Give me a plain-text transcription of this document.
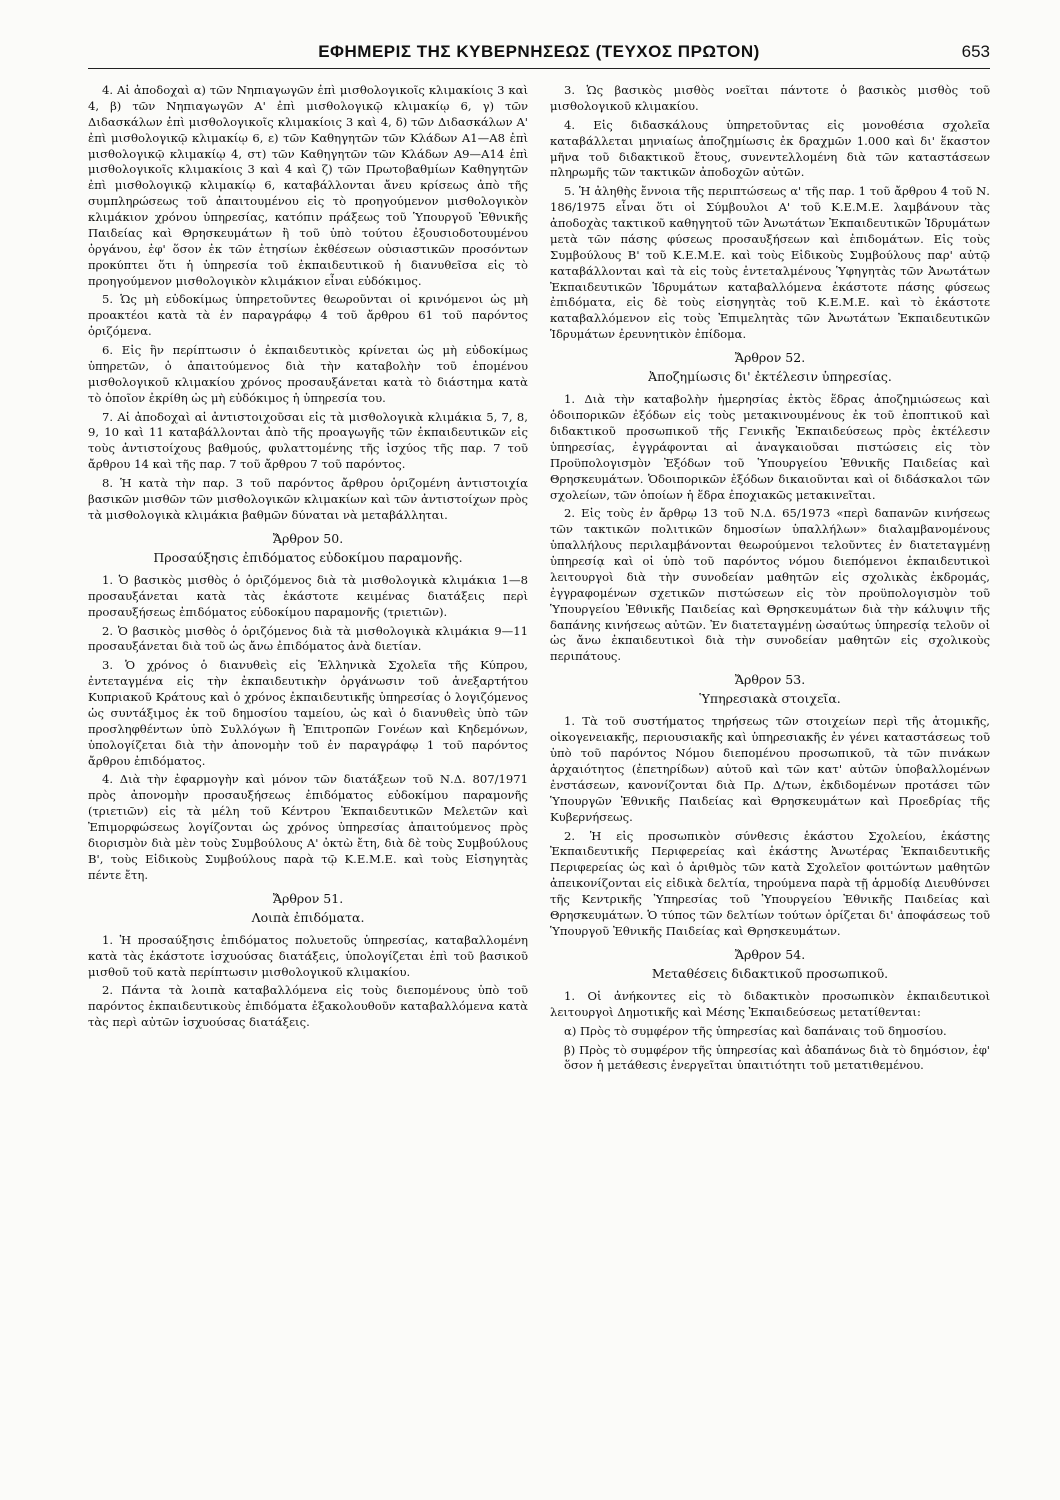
ΕΦΗΜΕΡΙΣ ΤΗΣ ΚΥΒΕΡΝΗΣΕΩΣ (ΤΕΥΧΟΣ ΠΡΩΤΟΝ)	653

4. Αἱ ἀποδοχαὶ α) τῶν Νηπιαγωγῶν ἐπὶ μισθολογικοῖς κλιμακίοις 3 καὶ 4, β) τῶν Νηπιαγωγῶν Α' ἐπὶ μισθολογικῷ κλιμακίῳ 6, γ) τῶν Διδασκάλων ἐπὶ μισθολογικοῖς κλιμακίοις 3 καὶ 4, δ) τῶν Διδασκάλων Α' ἐπὶ μισθολογικῷ κλιμακίῳ 6, ε) τῶν Καθηγητῶν τῶν Κλάδων Α1—Α8 ἐπὶ μισθολογικῷ κλιμακίῳ 4, στ) τῶν Καθηγητῶν τῶν Κλάδων Α9—Α14 ἐπὶ μισθολογικοῖς κλιμακίοις 3 καὶ 4 καὶ ζ) τῶν Πρωτοβαθμίων Καθηγητῶν ἐπὶ μισθολογικῷ κλιμακίῳ 6, καταβάλλονται ἄνευ κρίσεως ἀπὸ τῆς συμπληρώσεως τοῦ ἀπαιτουμένου εἰς τὸ προηγούμενον μισθολογικὸν κλιμάκιον χρόνου ὑπηρεσίας, κατόπιν πράξεως τοῦ Ὑπουργοῦ Ἐθνικῆς Παιδείας καὶ Θρησκευμάτων ἢ τοῦ ὑπὸ τούτου ἐξουσιοδοτουμένου ὀργάνου, ἐφ' ὅσον ἐκ τῶν ἐτησίων ἐκθέσεων οὐσιαστικῶν προσόντων προκύπτει ὅτι ἡ ὑπηρεσία τοῦ ἐκπαιδευτικοῦ ἡ διανυθεῖσα εἰς τὸ προηγούμενον μισθολογικὸν κλιμάκιον εἶναι εὐδόκιμος.

5. Ὡς μὴ εὐδοκίμως ὑπηρετοῦντες θεωροῦνται οἱ κρινόμενοι ὡς μὴ προακτέοι κατὰ τὰ ἐν παραγράφῳ 4 τοῦ ἄρθρου 61 τοῦ παρόντος ὁριζόμενα.

6. Εἰς ἣν περίπτωσιν ὁ ἐκπαιδευτικὸς κρίνεται ὡς μὴ εὐδοκίμως ὑπηρετῶν, ὁ ἀπαιτούμενος διὰ τὴν καταβολὴν τοῦ ἑπομένου μισθολογικοῦ κλιμακίου χρόνος προσαυξάνεται κατὰ τὸ διάστημα κατὰ τὸ ὁποῖον ἐκρίθη ὡς μὴ εὐδόκιμος ἡ ὑπηρεσία του.

7. Αἱ ἀποδοχαὶ αἱ ἀντιστοιχοῦσαι εἰς τὰ μισθολογικὰ κλιμάκια 5, 7, 8, 9, 10 καὶ 11 καταβάλλονται ἀπὸ τῆς προαγωγῆς τῶν ἐκπαιδευτικῶν εἰς τοὺς ἀντιστοίχους βαθμούς, φυλαττομένης τῆς ἰσχύος τῆς παρ. 7 τοῦ ἄρθρου 14 καὶ τῆς παρ. 7 τοῦ ἄρθρου 7 τοῦ παρόντος.

8. Ἡ κατὰ τὴν παρ. 3 τοῦ παρόντος ἄρθρου ὁριζομένη ἀντιστοιχία βασικῶν μισθῶν τῶν μισθολογικῶν κλιμακίων καὶ τῶν ἀντιστοίχων πρὸς τὰ μισθολογικὰ κλιμάκια βαθμῶν δύναται νὰ μεταβάλληται.

Ἄρθρον 50.
Προσαύξησις ἐπιδόματος εὐδοκίμου παραμονῆς.

1. Ὁ βασικὸς μισθὸς ὁ ὁριζόμενος διὰ τὰ μισθολογικὰ κλιμάκια 1—8 προσαυξάνεται κατὰ τὰς ἑκάστοτε κειμένας διατάξεις περὶ προσαυξήσεως ἐπιδόματος εὐδοκίμου παραμονῆς (τριετιῶν).

2. Ὁ βασικὸς μισθὸς ὁ ὁριζόμενος διὰ τὰ μισθολογικὰ κλιμάκια 9—11 προσαυξάνεται διὰ τοῦ ὡς ἄνω ἐπιδόματος ἀνὰ διετίαν.

3. Ὁ χρόνος ὁ διανυθεὶς εἰς Ἑλληνικὰ Σχολεῖα τῆς Κύπρου, ἐντεταγμένα εἰς τὴν ἐκπαιδευτικὴν ὀργάνωσιν τοῦ ἀνεξαρτήτου Κυπριακοῦ Κράτους καὶ ὁ χρόνος ἐκπαιδευτικῆς ὑπηρεσίας ὁ λογιζόμενος ὡς συντάξιμος ἐκ τοῦ δημοσίου ταμείου, ὡς καὶ ὁ διανυθεὶς ὑπὸ τῶν προσληφθέντων ὑπὸ Συλλόγων ἢ Ἐπιτροπῶν Γονέων καὶ Κηδεμόνων, ὑπολογίζεται διὰ τὴν ἀπονομὴν τοῦ ἐν παραγράφῳ 1 τοῦ παρόντος ἄρθρου ἐπιδόματος.

4. Διὰ τὴν ἐφαρμογὴν καὶ μόνον τῶν διατάξεων τοῦ Ν.Δ. 807/1971 πρὸς ἀπονομὴν προσαυξήσεως ἐπιδόματος εὐδοκίμου παραμονῆς (τριετιῶν) εἰς τὰ μέλη τοῦ Κέντρου Ἐκπαιδευτικῶν Μελετῶν καὶ Ἐπιμορφώσεως λογίζονται ὡς χρόνος ὑπηρεσίας ἀπαιτούμενος πρὸς διορισμὸν διὰ μὲν τοὺς Συμβούλους Α' ὀκτὼ ἔτη, διὰ δὲ τοὺς Συμβούλους Β', τοὺς Εἰδικοὺς Συμβούλους παρὰ τῷ Κ.Ε.Μ.Ε. καὶ τοὺς Εἰσηγητὰς πέντε ἔτη.

Ἄρθρον 51.
Λοιπὰ ἐπιδόματα.

1. Ἡ προσαύξησις ἐπιδόματος πολυετοῦς ὑπηρεσίας, καταβαλλομένη κατὰ τὰς ἑκάστοτε ἰσχυούσας διατάξεις, ὑπολογίζεται ἐπὶ τοῦ βασικοῦ μισθοῦ τοῦ κατὰ περίπτωσιν μισθολογικοῦ κλιμακίου.

2. Πάντα τὰ λοιπὰ καταβαλλόμενα εἰς τοὺς διεπομένους ὑπὸ τοῦ παρόντος ἐκπαιδευτικοὺς ἐπιδόματα ἐξακολουθοῦν καταβαλλόμενα κατὰ τὰς περὶ αὐτῶν ἰσχυούσας διατάξεις.

3. Ὡς βασικὸς μισθὸς νοεῖται πάντοτε ὁ βασικὸς μισθὸς τοῦ μισθολογικοῦ κλιμακίου.

4. Εἰς διδασκάλους ὑπηρετοῦντας εἰς μονοθέσια σχολεῖα καταβάλλεται μηνιαίως ἀποζημίωσις ἐκ δραχμῶν 1.000 καὶ δι' ἕκαστον μῆνα τοῦ διδακτικοῦ ἔτους, συνεντελλομένη διὰ τῶν καταστάσεων πληρωμῆς τῶν τακτικῶν ἀποδοχῶν αὐτῶν.

5. Ἡ ἀληθὴς ἔννοια τῆς περιπτώσεως α' τῆς παρ. 1 τοῦ ἄρθρου 4 τοῦ Ν. 186/1975 εἶναι ὅτι οἱ Σύμβουλοι Α' τοῦ Κ.Ε.Μ.Ε. λαμβάνουν τὰς ἀποδοχὰς τακτικοῦ καθηγητοῦ τῶν Ἀνωτάτων Ἐκπαιδευτικῶν Ἱδρυμάτων μετὰ τῶν πάσης φύσεως προσαυξήσεων καὶ ἐπιδομάτων. Εἰς τοὺς Συμβούλους Β' τοῦ Κ.Ε.Μ.Ε. καὶ τοὺς Εἰδικοὺς Συμβούλους παρ' αὐτῷ καταβάλλονται καὶ τὰ εἰς τοὺς ἐντεταλμένους Ὑφηγητὰς τῶν Ἀνωτάτων Ἐκπαιδευτικῶν Ἱδρυμάτων καταβαλλόμενα ἑκάστοτε πάσης φύσεως ἐπιδόματα, εἰς δὲ τοὺς εἰσηγητὰς τοῦ Κ.Ε.Μ.Ε. καὶ τὸ ἑκάστοτε καταβαλλόμενον εἰς τοὺς Ἐπιμελητὰς τῶν Ἀνωτάτων Ἐκπαιδευτικῶν Ἱδρυμάτων ἐρευνητικὸν ἐπίδομα.

Ἄρθρον 52.
Ἀποζημίωσις δι' ἐκτέλεσιν ὑπηρεσίας.

1. Διὰ τὴν καταβολὴν ἡμερησίας ἐκτὸς ἕδρας ἀποζημιώσεως καὶ ὁδοιπορικῶν ἐξόδων εἰς τοὺς μετακινουμένους ἐκ τοῦ ἐποπτικοῦ καὶ διδακτικοῦ προσωπικοῦ τῆς Γενικῆς Ἐκπαιδεύσεως πρὸς ἐκτέλεσιν ὑπηρεσίας, ἐγγράφονται αἱ ἀναγκαιοῦσαι πιστώσεις εἰς τὸν Προϋπολογισμὸν Ἐξόδων τοῦ Ὑπουργείου Ἐθνικῆς Παιδείας καὶ Θρησκευμάτων. Ὁδοιπορικῶν ἐξόδων δικαιοῦνται καὶ οἱ διδάσκαλοι τῶν σχολείων, τῶν ὁποίων ἡ ἕδρα ἐποχιακῶς μετακινεῖται.

2. Εἰς τοὺς ἐν ἄρθρῳ 13 τοῦ Ν.Δ. 65/1973 «περὶ δαπανῶν κινήσεως τῶν τακτικῶν πολιτικῶν δημοσίων ὑπαλλήλων» διαλαμβανομένους ὑπαλλήλους περιλαμβάνονται θεωρούμενοι τελοῦντες ἐν διατεταγμένῃ ὑπηρεσίᾳ καὶ οἱ ὑπὸ τοῦ παρόντος νόμου διεπόμενοι ἐκπαιδευτικοὶ λειτουργοὶ διὰ τὴν συνοδείαν μαθητῶν εἰς σχολικὰς ἐκδρομάς, ἐγγραφομένων σχετικῶν πιστώσεων εἰς τὸν προϋπολογισμὸν τοῦ Ὑπουργείου Ἐθνικῆς Παιδείας καὶ Θρησκευμάτων διὰ τὴν κάλυψιν τῆς δαπάνης κινήσεως αὐτῶν. Ἐν διατεταγμένῃ ὡσαύτως ὑπηρεσίᾳ τελοῦν οἱ ὡς ἄνω ἐκπαιδευτικοὶ διὰ τὴν συνοδείαν μαθητῶν εἰς σχολικοὺς περιπάτους.

Ἄρθρον 53.
Ὑπηρεσιακὰ στοιχεῖα.

1. Τὰ τοῦ συστήματος τηρήσεως τῶν στοιχείων περὶ τῆς ἀτομικῆς, οἰκογενειακῆς, περιουσιακῆς καὶ ὑπηρεσιακῆς ἐν γένει καταστάσεως τοῦ ὑπὸ τοῦ παρόντος Νόμου διεπομένου προσωπικοῦ, τὰ τῶν πινάκων ἀρχαιότητος (ἐπετηρίδων) αὐτοῦ καὶ τῶν κατ' αὐτῶν ὑποβαλλομένων ἐνστάσεων, κανονίζονται διὰ Πρ. Δ/των, ἐκδιδομένων προτάσει τῶν Ὑπουργῶν Ἐθνικῆς Παιδείας καὶ Θρησκευμάτων καὶ Προεδρίας τῆς Κυβερνήσεως.

2. Ἡ εἰς προσωπικὸν σύνθεσις ἑκάστου Σχολείου, ἑκάστης Ἐκπαιδευτικῆς Περιφερείας καὶ ἑκάστης Ἀνωτέρας Ἐκπαιδευτικῆς Περιφερείας ὡς καὶ ὁ ἀριθμὸς τῶν κατὰ Σχολεῖον φοιτώντων μαθητῶν ἀπεικονίζονται εἰς εἰδικὰ δελτία, τηρούμενα παρὰ τῇ ἁρμοδίᾳ Διευθύνσει τῆς Κεντρικῆς Ὑπηρεσίας τοῦ Ὑπουργείου Ἐθνικῆς Παιδείας καὶ Θρησκευμάτων. Ὁ τύπος τῶν δελτίων τούτων ὁρίζεται δι' ἀποφάσεως τοῦ Ὑπουργοῦ Ἐθνικῆς Παιδείας καὶ Θρησκευμάτων.

Ἄρθρον 54.
Μεταθέσεις διδακτικοῦ προσωπικοῦ.

1. Οἱ ἀνήκοντες εἰς τὸ διδακτικὸν προσωπικὸν ἐκπαιδευτικοὶ λειτουργοὶ Δημοτικῆς καὶ Μέσης Ἐκπαιδεύσεως μετατίθενται:

α) Πρὸς τὸ συμφέρον τῆς ὑπηρεσίας καὶ δαπάναις τοῦ δημοσίου.

β) Πρὸς τὸ συμφέρον τῆς ὑπηρεσίας καὶ ἀδαπάνως διὰ τὸ δημόσιον, ἐφ' ὅσον ἡ μετάθεσις ἐνεργεῖται ὑπαιτιότητι τοῦ μετατιθεμένου.
